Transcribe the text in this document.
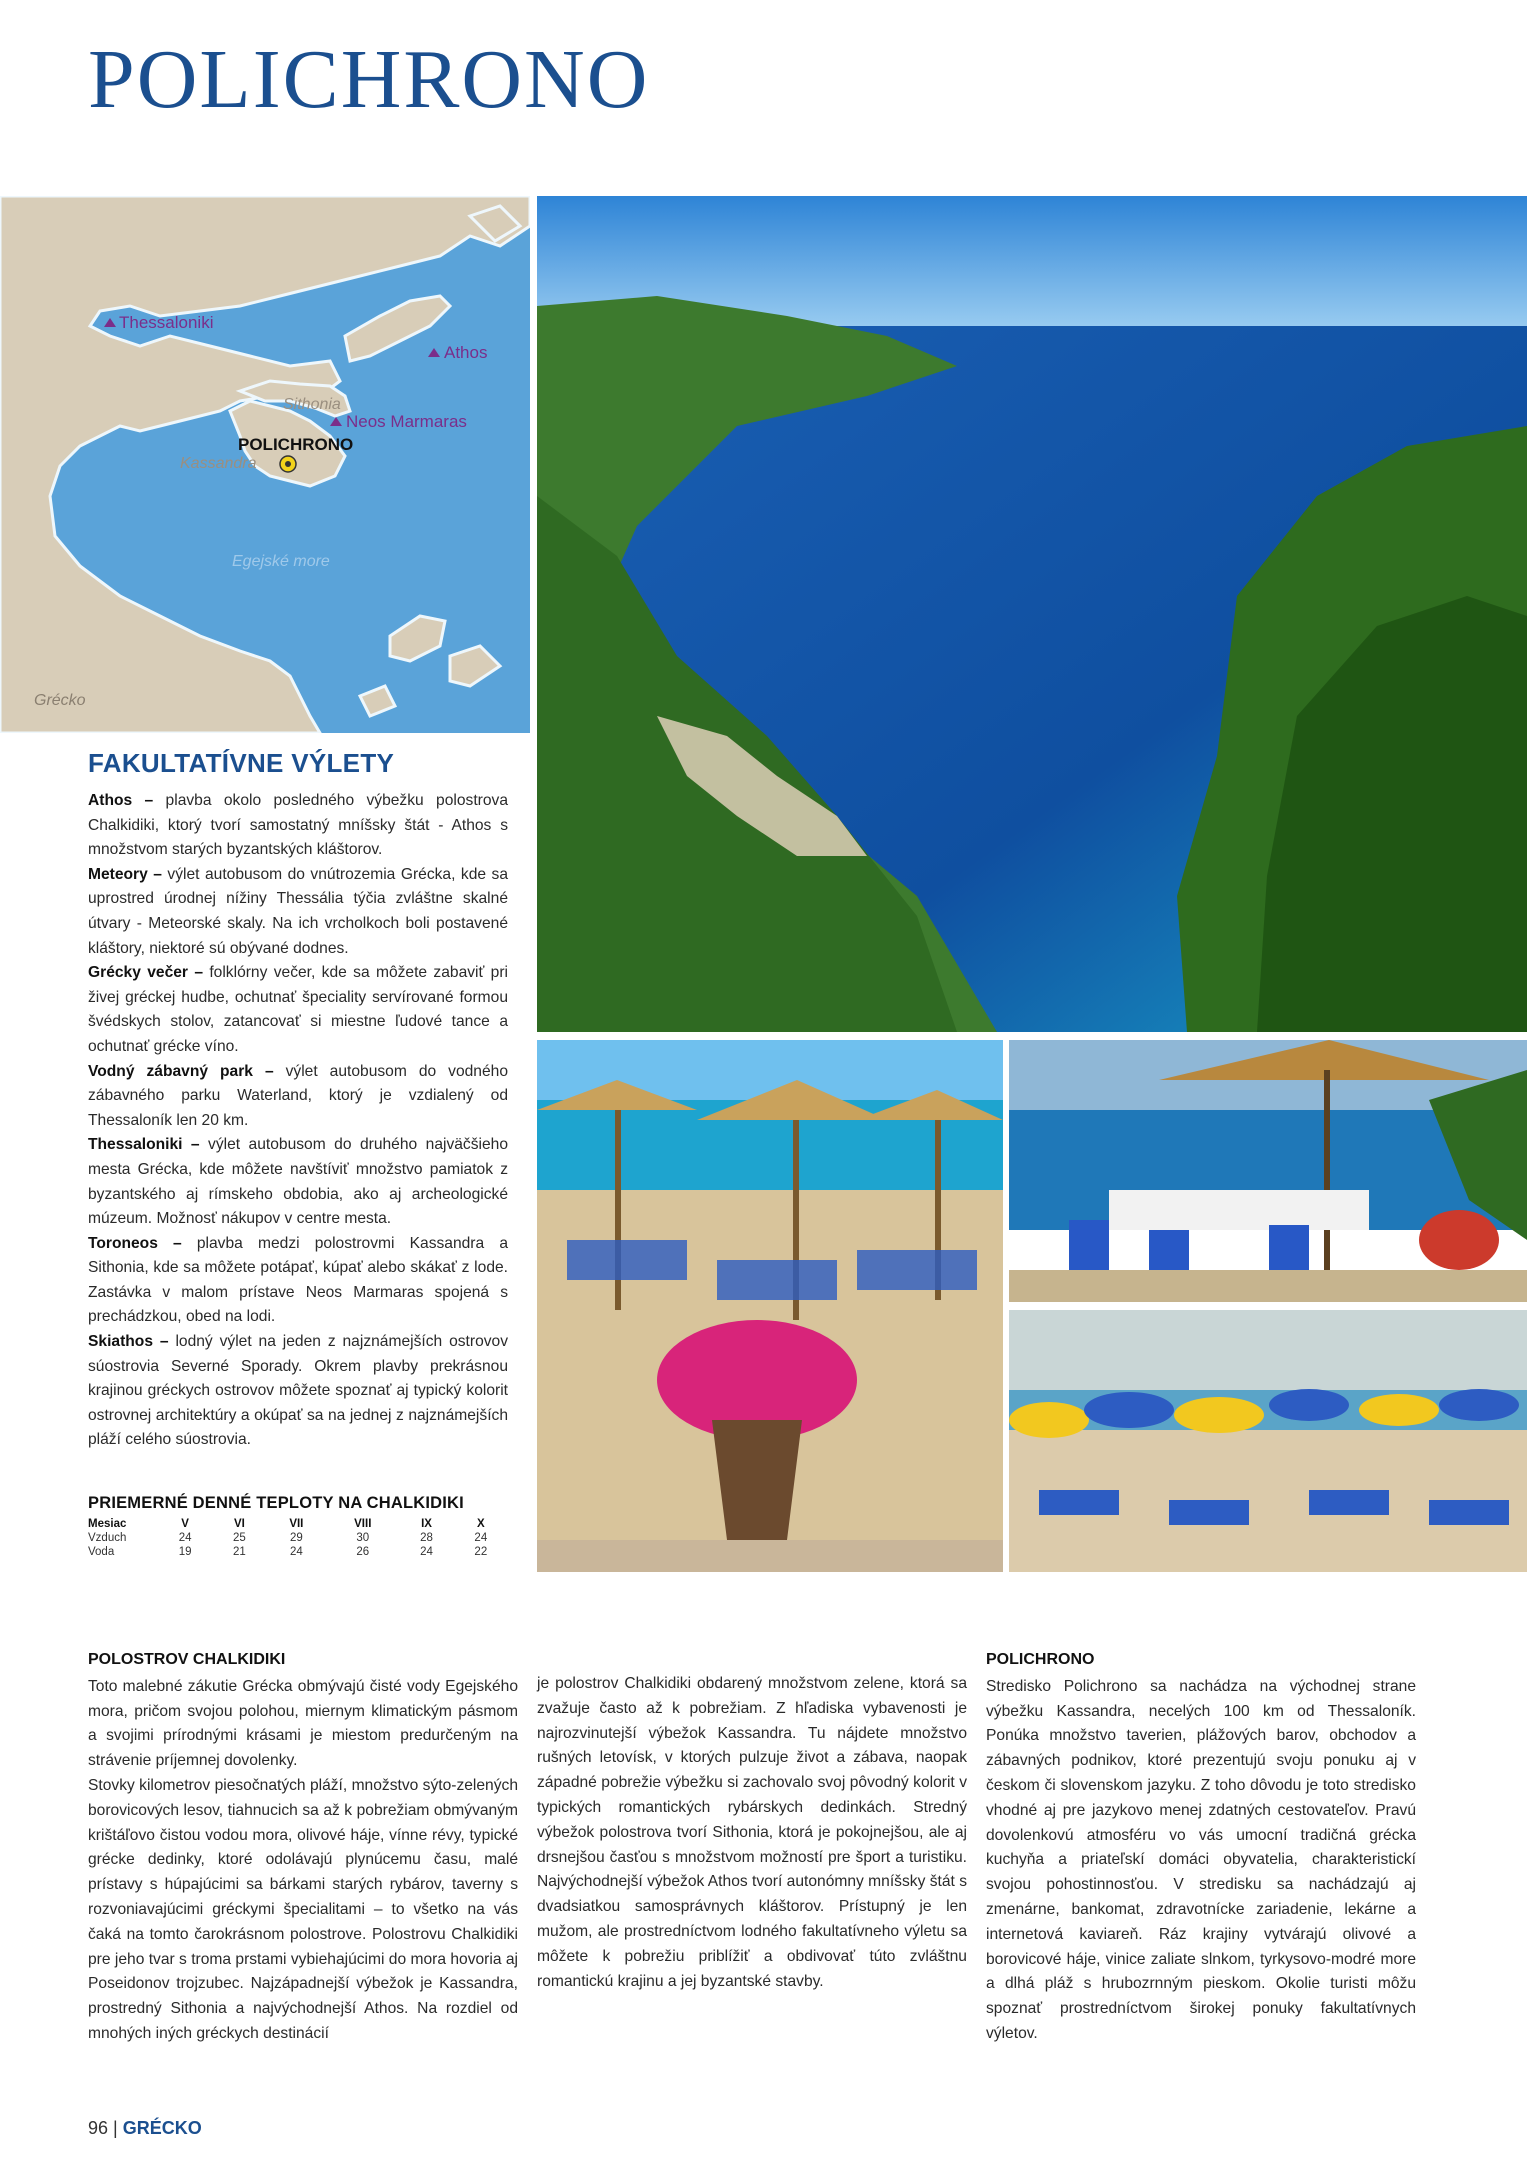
POLICHRONO
Thessaloniki
Athos
Sithonia
Neos Marmaras
POLICHRONO
Kassandra
Egejské more
Grécko
FAKULTATÍVNE VÝLETY

Athos – plavba okolo posledného výbežku polostrova Chalkidiki, ktorý tvorí samostatný mníšsky štát - Athos s množstvom starých byzantských kláštorov.

Meteory – výlet autobusom do vnútrozemia Grécka, kde sa uprostred úrodnej nížiny Thessália týčia zvláštne skalné útvary - Meteorské skaly. Na ich vrcholkoch boli postavené kláštory, niektoré sú obývané dodnes.

Grécky večer – folklórny večer, kde sa môžete zabaviť pri živej gréckej hudbe, ochutnať špeciality servírované formou švédskych stolov, zatancovať si miestne ľudové tance a ochutnať grécke víno.

Vodný zábavný park – výlet autobusom do vodného zábavného parku Waterland, ktorý je vzdialený od Thessaloník len 20 km.

Thessaloniki – výlet autobusom do druhého najväčšieho mesta Grécka, kde môžete navštíviť množstvo pamiatok z byzantského aj rímskeho obdobia, ako aj archeologické múzeum. Možnosť nákupov v centre mesta.

Toroneos – plavba medzi polostrovmi Kassandra a Sithonia, kde sa môžete potápať, kúpať alebo skákať z lode. Zastávka v malom prístave Neos Marmaras spojená s prechádzkou, obed na lodi.

Skiathos – lodný výlet na jeden z najznámejších ostrovov súostrovia Severné Sporady. Okrem plavby prekrásnou krajinou gréckych ostrovov môžete spoznať aj typický kolorit ostrovnej architektúry a okúpať sa na jednej z najznámejších pláží celého súostrovia.

PRIEMERNÉ DENNÉ TEPLOTY NA CHALKIDIKI
Mesiac	V	VI	VII	VIII	IX	X
Vzduch	24	25	29	30	28	24
Voda	19	21	24	26	24	22
POLOSTROV CHALKIDIKI

Toto malebné zákutie Grécka obmývajú čisté vody Egejského mora, pričom svojou polohou, miernym klimatickým pásmom a svojimi prírodnými krásami je miestom predurčeným na strávenie príjemnej dovolenky.

Stovky kilometrov piesočnatých pláží, množstvo sýto-zelených borovicových lesov, tiahnucich sa až k pobrežiam obmývaným krištáľovo čistou vodou mora, olivové háje, vínne révy, typické grécke dedinky, ktoré odolávajú plynúcemu času, malé prístavy s húpajúcimi sa bárkami starých rybárov, taverny s rozvoniavajúcimi gréckymi špecialitami – to všetko na vás čaká na tomto čarokrásnom polostrove. Polostrovu Chalkidiki pre jeho tvar s troma prstami vybiehajúcimi do mora hovoria aj Poseidonov trojzubec. Najzápadnejší výbežok je Kassandra, prostredný Sithonia a najvýchodnejší Athos. Na rozdiel od mnohých iných gréckych destinácií

je polostrov Chalkidiki obdarený množstvom zelene, ktorá sa zvažuje často až k pobrežiam. Z hľadiska vybavenosti je najrozvinutejší výbežok Kassandra. Tu nájdete množstvo rušných letovísk, v ktorých pulzuje život a zábava, naopak západné pobrežie výbežku si zachovalo svoj pôvodný kolorit v typických romantických rybárskych dedinkách. Stredný výbežok polostrova tvorí Sithonia, ktorá je pokojnejšou, ale aj drsnejšou časťou s množstvom možností pre šport a turistiku. Najvýchodnejší výbežok Athos tvorí autonómny mníšsky štát s dvadsiatkou samosprávnych kláštorov. Prístupný je len mužom, ale prostredníctvom lodného fakultatívneho výletu sa môžete k pobrežiu priblížiť a obdivovať túto zvláštnu romantickú krajinu a jej byzantské stavby.

POLICHRONO

Stredisko Polichrono sa nachádza na východnej strane výbežku Kassandra, necelých 100 km od Thessaloník. Ponúka množstvo taverien, plážových barov, obchodov a zábavných podnikov, ktoré prezentujú svoju ponuku aj v českom či slovenskom jazyku. Z toho dôvodu je toto stredisko vhodné aj pre jazykovo menej zdatných cestovateľov. Pravú dovolenkovú atmosféru vo vás umocní tradičná grécka kuchyňa a priateľskí domáci obyvatelia, charakteristickí svojou pohostinnosťou. V stredisku sa nachádzajú aj zmenárne, bankomat, zdravotnícke zariadenie, lekárne a internetová kaviareň. Ráz krajiny vytvárajú olivové a borovicové háje, vinice zaliate slnkom, tyrkysovo-modré more a dlhá pláž s hrubozrnným pieskom. Okolie turisti môžu spoznať prostredníctvom širokej ponuky fakultatívnych výletov.

96 | GRÉCKO
